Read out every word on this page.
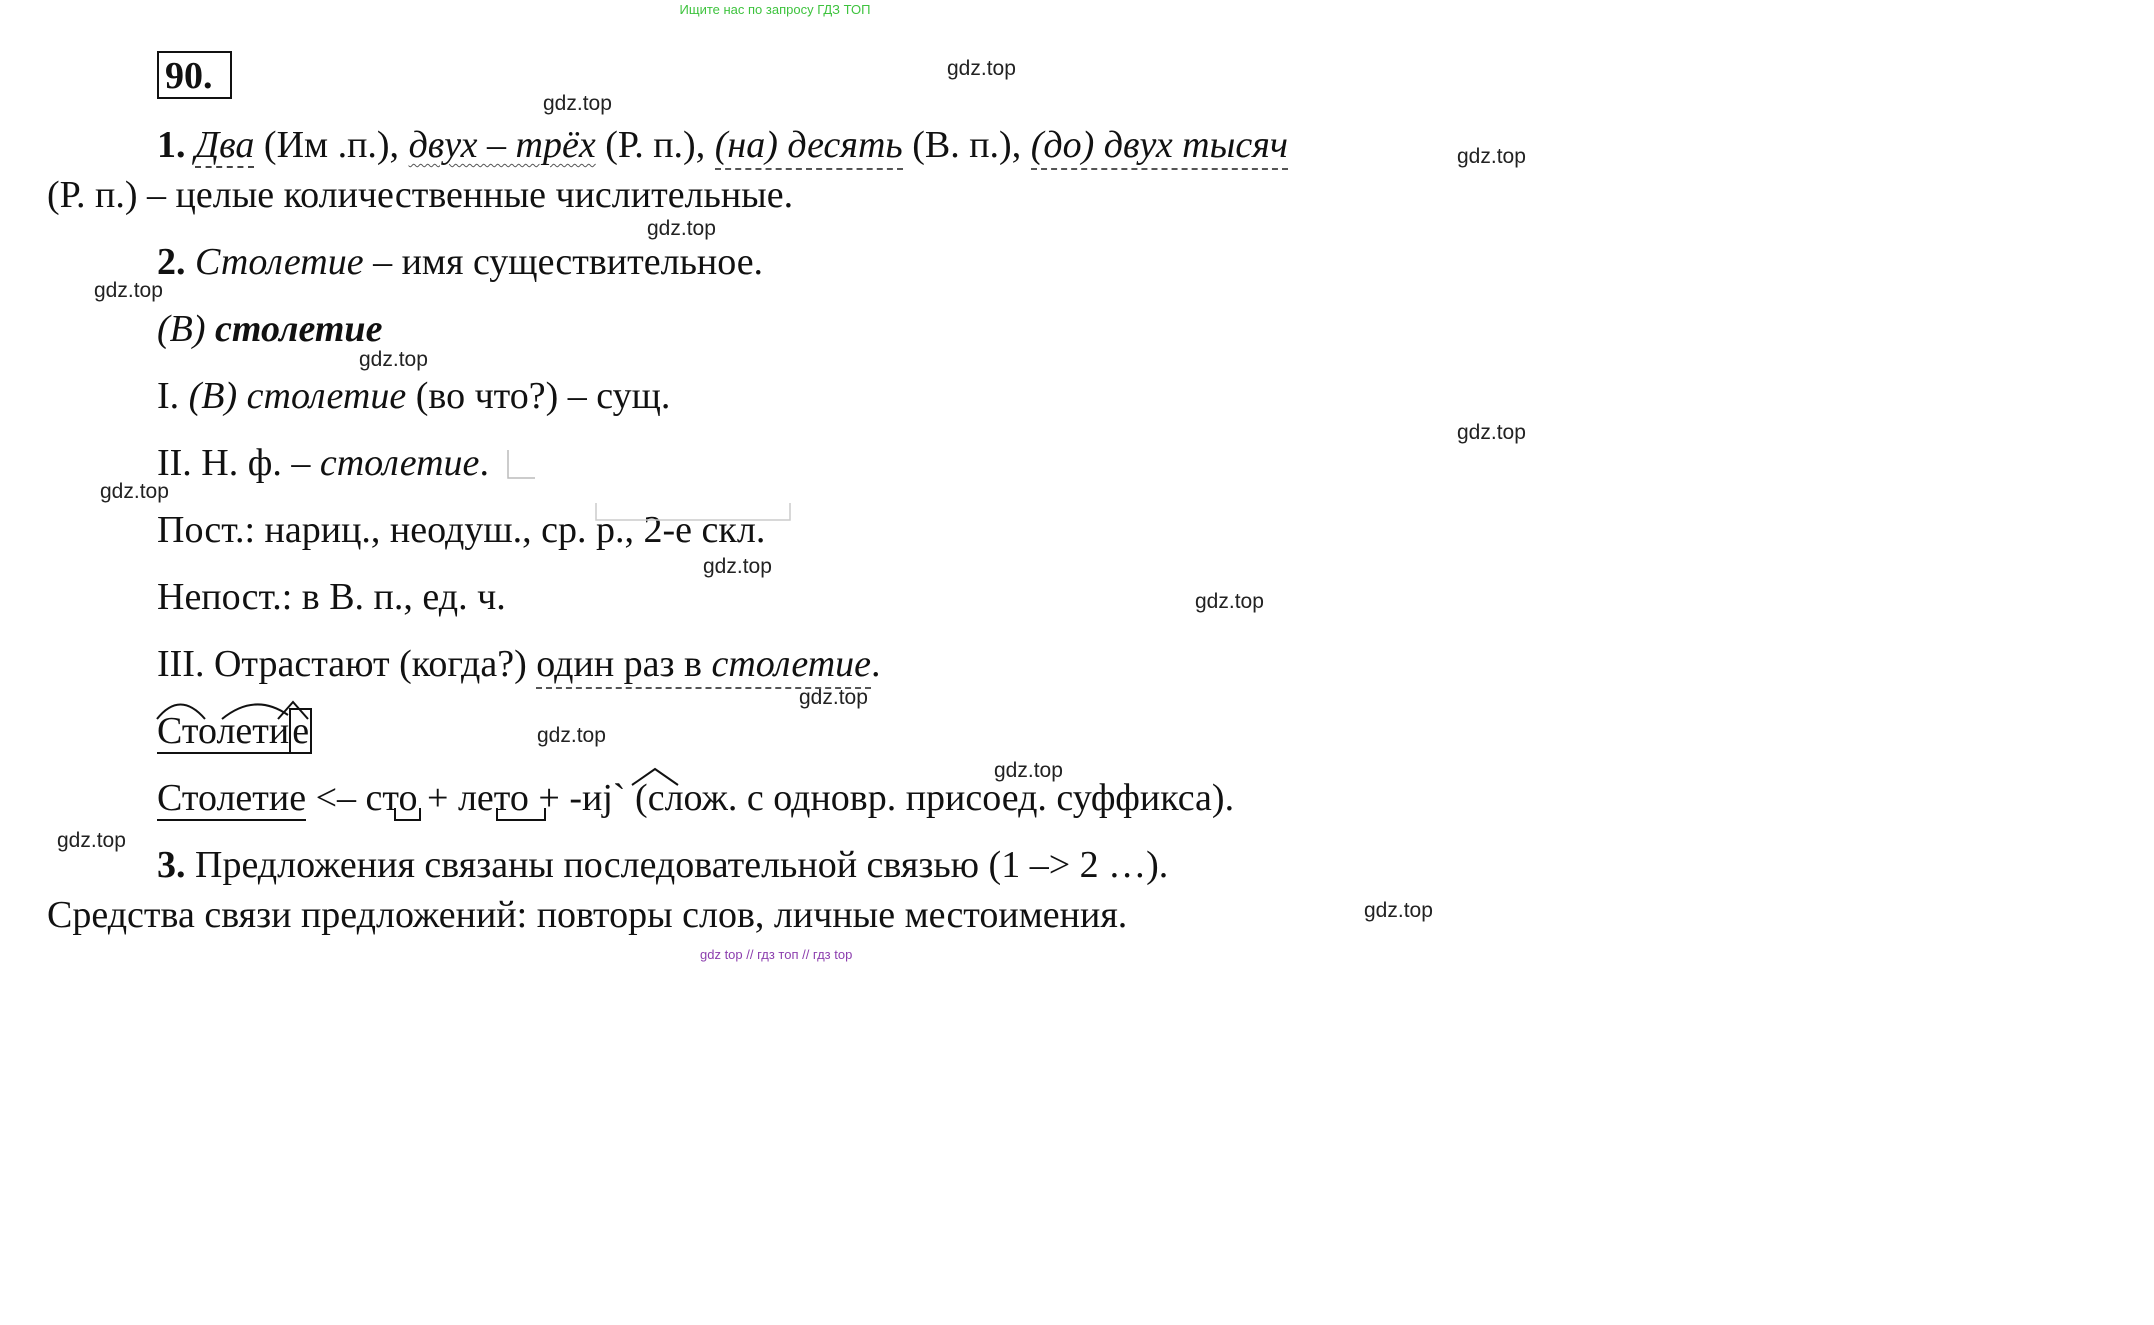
Ищите нас по запросу ГДЗ ТОП
90.	gdz.top
gdz.top
gdz.top
gdz.top
gdz.top
gdz.top
gdz.top
gdz.top
gdz.top
gdz.top
gdz.top
gdz.top
gdz.top
gdz.top
gdz.top
1. Два (Им .п.), двух – трёх (Р. п.), (на) десять (В. п.), (до) двух тысяч
(Р. п.) – целые количественные числительные.
2. Столетие – имя существительное.
(В) столетие
I. (В) столетие (во что?) – сущ.
II. Н. ф. – столетие.
Пост.: нариц., неодуш., ср. р., 2-е скл.
Непост.: в В. п., ед. ч.
III. Отрастают (когда?) один раз в столетие.
Столетие
Столетие <– сто + лето + -иj` (слож. с одновр. присоед. суффикса).
3. Предложения связаны последовательной связью (1 –> 2 …).
Средства связи предложений: повторы слов, личные местоимения.
gdz top // гдз топ // гдз top
